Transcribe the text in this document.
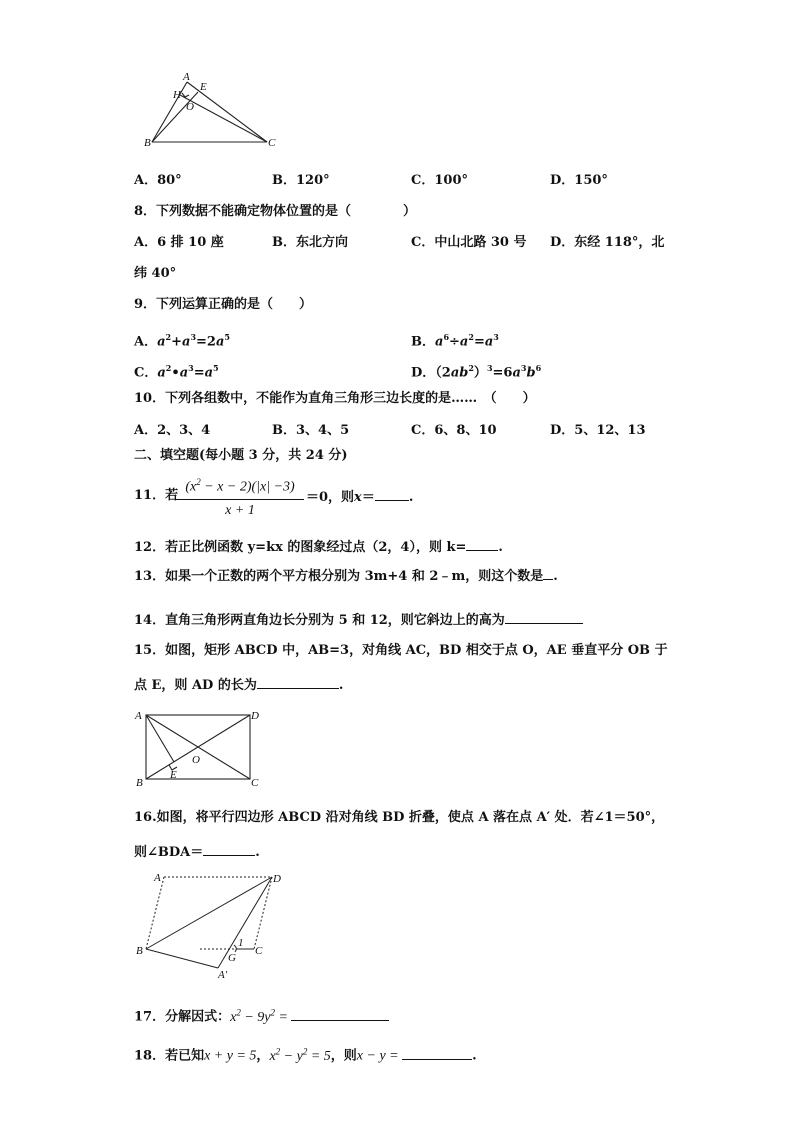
A
H
E
O
B	C
A．80°	B．120°	C．100°	D．150°
8．下列数据不能确定物体位置的是（　　　　）
A．6 排 10 座	B．东北方向	C．中山北路 30 号 D．东经 118°，北
纬 40°
9．下列运算正确的是（　　）
A．$a^2+a^3=2a^5$	B．$a^6\div a^2=a^3$
C．$a^2•a^3=a^5$	D．$(2ab^2)^3=6a^3b^6$
10．下列各组数中，不能作为直角三角形三边长度的是……　（　　）
A．2、3、4	B．3、4、5	C．6、8、10	D．5、12、13
二、填空题(每小题 3 分，共 24 分)
11．若
$(x^2 - x - 2)(|x| -3)$
x + 1
＝0，则x＝	.
12．若正比例函数 y=kx 的图象经过点（2，4），则 k= .
13．如果一个正数的两个平方根分别为 3m+4 和 2﹣m，则这个数是 .
14．直角三角形两直角边长分别为 5 和 12，则它斜边上的高为
15．如图，矩形 ABCD 中，AB=3，对角线 AC，BD 相交于点 O，AE 垂直平分 OB 于
点 E，则 AD 的长为	.
A	D
B	C
E
O
16.如图，将平行四边形 ABCD 沿对角线 BD 折叠，使点 A 落在点 A′ 处．若∠1＝50°，
则∠BDA＝	.
A	D
B	C
G
A′
1
17．分解因式：$x^2 - 9y^2$ =
18．若已知x + y = 5，$x^2 - y^2 = 5$，则x − y =	.
